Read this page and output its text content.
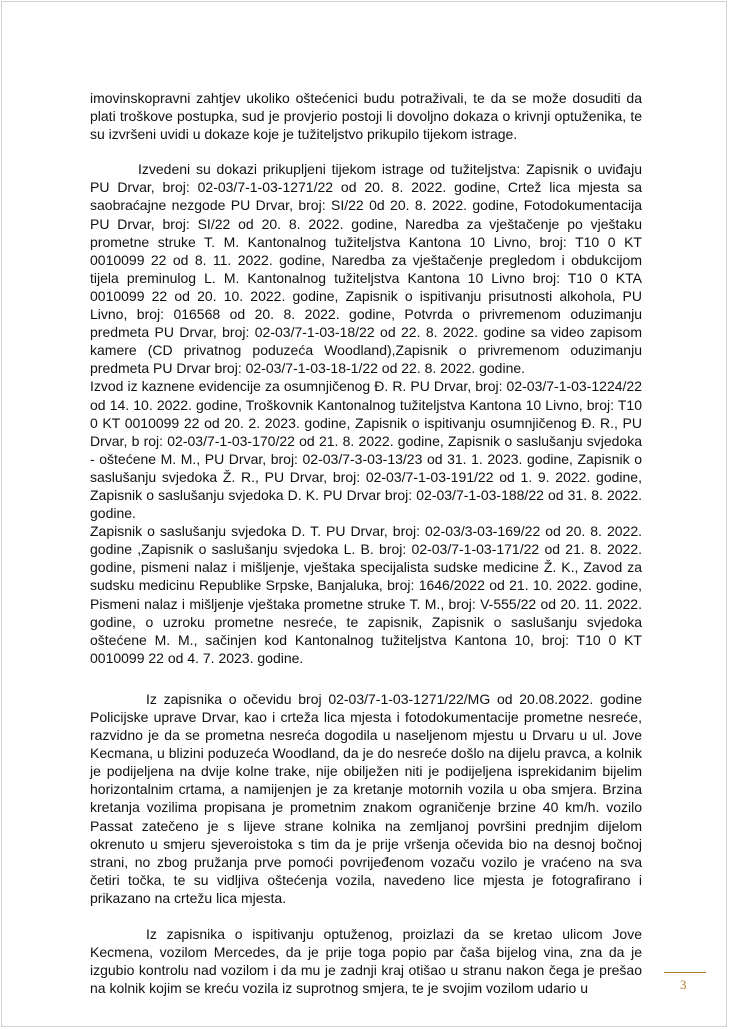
imovinskopravni zahtjev ukoliko oštećenici budu potraživali, te da se može dosuditi da plati troškove postupka, sud je provjerio postoji li dovoljno dokaza o krivnji optuženika, te su izvršeni uvidi u dokaze koje je tužiteljstvo prikupilo tijekom istrage.

Izvedeni su dokazi prikupljeni tijekom istrage od tužiteljstva: Zapisnik o uviđaju PU Drvar, broj: 02-03/7-1-03-1271/22 od 20. 8. 2022. godine, Crtež lica mjesta sa saobraćajne nezgode PU Drvar, broj: SI/22 0d 20. 8. 2022. godine, Fotodokumentacija PU Drvar, broj: SI/22 od 20. 8. 2022. godine, Naredba za vještačenje po vještaku prometne struke T. M. Kantonalnog tužiteljstva Kantona 10 Livno, broj: T10 0 KT 0010099 22 od 8. 11. 2022. godine, Naredba za vještačenje pregledom i obdukcijom tijela preminulog L. M. Kantonalnog tužiteljstva Kantona 10 Livno broj: T10 0 KTA 0010099 22 od 20. 10. 2022. godine, Zapisnik o ispitivanju prisutnosti alkohola, PU Livno, broj: 016568 od 20. 8. 2022. godine, Potvrda o privremenom oduzimanju predmeta PU Drvar, broj: 02-03/7-1-03-18/22 od 22. 8. 2022. godine sa video zapisom kamere (CD privatnog poduzeća Woodland),Zapisnik o privremenom oduzimanju predmeta PU Drvar broj: 02-03/7-1-03-18-1/22 od 22. 8. 2022. godine.

Izvod iz kaznene evidencije za osumnjičenog Đ. R. PU Drvar, broj: 02-03/7-1-03-1224/22 od 14. 10. 2022. godine, Troškovnik Kantonalnog tužiteljstva Kantona 10 Livno, broj: T10 0 KT 0010099 22 od 20. 2. 2023. godine, Zapisnik o ispitivanju osumnjičenog Đ. R., PU Drvar, b roj: 02-03/7-1-03-170/22 od 21. 8. 2022. godine, Zapisnik o saslušanju svjedoka - oštećene M. M., PU Drvar, broj: 02-03/7-3-03-13/23 od 31. 1. 2023. godine, Zapisnik o saslušanju svjedoka Ž. R., PU Drvar, broj: 02-03/7-1-03-191/22 od 1. 9. 2022. godine, Zapisnik o saslušanju svjedoka D. K. PU Drvar broj: 02-03/7-1-03-188/22 od 31. 8. 2022. godine.

Zapisnik o saslušanju svjedoka D. T. PU Drvar, broj: 02-03/3-03-169/22 od 20. 8. 2022. godine ,Zapisnik o saslušanju svjedoka L. B. broj: 02-03/7-1-03-171/22 od 21. 8. 2022. godine, pismeni nalaz i mišljenje, vještaka specijalista sudske medicine Ž. K., Zavod za sudsku medicinu Republike Srpske, Banjaluka, broj: 1646/2022 od 21. 10. 2022. godine, Pismeni nalaz i mišljenje vještaka prometne struke T. M., broj: V-555/22 od 20. 11. 2022. godine, o uzroku prometne nesreće, te zapisnik, Zapisnik o saslušanju svjedoka oštećene M. M., sačinjen kod Kantonalnog tužiteljstva Kantona 10, broj: T10 0 KT 0010099 22 od 4. 7. 2023. godine.

Iz zapisnika o očevidu broj 02-03/7-1-03-1271/22/MG od 20.08.2022. godine Policijske uprave Drvar, kao i crteža lica mjesta i fotodokumentacije prometne nesreće, razvidno je da se prometna nesreća dogodila u naseljenom mjestu u Drvaru u ul. Jove Kecmana, u blizini poduzeća Woodland, da je do nesreće došlo na dijelu pravca, a kolnik je podijeljena na dvije kolne trake, nije obilježen niti je podijeljena isprekidanim bijelim horizontalnim crtama, a namijenjen je za kretanje motornih vozila u oba smjera. Brzina kretanja vozilima propisana je prometnim znakom ograničenje brzine 40 km/h. vozilo Passat zatečeno je s lijeve strane kolnika na zemljanoj površini prednjim dijelom okrenuto u smjeru sjeveroistoka s tim da je prije vršenja očevida bio na desnoj bočnoj strani, no zbog pružanja prve pomoći povrijeđenom vozaču vozilo je vraćeno na sva četiri točka, te su vidljiva oštećenja vozila, navedeno lice mjesta je fotografirano i prikazano na crtežu lica mjesta.

Iz zapisnika o ispitivanju optuženog, proizlazi da se kretao ulicom Jove Kecmena, vozilom Mercedes, da je prije toga popio par čaša bijelog vina, zna da je izgubio kontrolu nad vozilom i da mu je zadnji kraj otišao u stranu nakon čega je prešao na kolnik kojim se kreću vozila iz suprotnog smjera, te je svojim vozilom udario u	3
